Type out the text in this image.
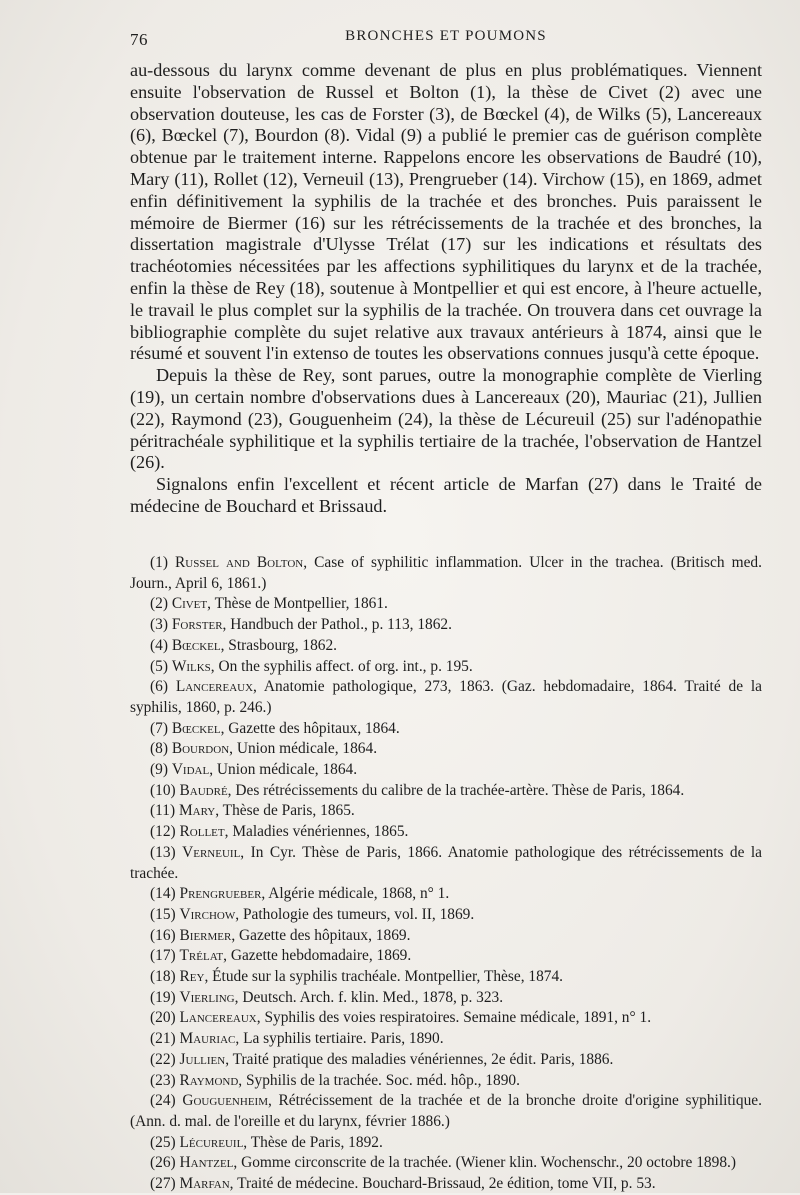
76	BRONCHES ET POUMONS

au-dessous du larynx comme devenant de plus en plus problématiques. Viennent ensuite l'observation de Russel et Bolton (1), la thèse de Civet (2) avec une observation douteuse, les cas de Forster (3), de Bœckel (4), de Wilks (5), Lancereaux (6), Bœckel (7), Bourdon (8). Vidal (9) a publié le premier cas de guérison complète obtenue par le traitement interne. Rappelons encore les observations de Baudré (10), Mary (11), Rollet (12), Verneuil (13), Prengrueber (14). Virchow (15), en 1869, admet enfin définitivement la syphilis de la trachée et des bronches. Puis paraissent le mémoire de Biermer (16) sur les rétrécissements de la trachée et des bronches, la dissertation magistrale d'Ulysse Trélat (17) sur les indications et résultats des trachéotomies nécessitées par les affections syphilitiques du larynx et de la trachée, enfin la thèse de Rey (18), soutenue à Montpellier et qui est encore, à l'heure actuelle, le travail le plus complet sur la syphilis de la trachée. On trouvera dans cet ouvrage la bibliographie complète du sujet relative aux travaux antérieurs à 1874, ainsi que le résumé et souvent l'in extenso de toutes les observations connues jusqu'à cette époque.

Depuis la thèse de Rey, sont parues, outre la monographie complète de Vierling (19), un certain nombre d'observations dues à Lancereaux (20), Mauriac (21), Jullien (22), Raymond (23), Gouguenheim (24), la thèse de Lécureuil (25) sur l'adénopathie péritrachéale syphilitique et la syphilis tertiaire de la trachée, l'observation de Hantzel (26).

Signalons enfin l'excellent et récent article de Marfan (27) dans le Traité de médecine de Bouchard et Brissaud.

(1) Russel and Bolton, Case of syphilitic inflammation. Ulcer in the trachea. (Britisch med. Journ., April 6, 1861.)

(2) Civet, Thèse de Montpellier, 1861.

(3) Forster, Handbuch der Pathol., p. 113, 1862.

(4) Bœckel, Strasbourg, 1862.

(5) Wilks, On the syphilis affect. of org. int., p. 195.

(6) Lancereaux, Anatomie pathologique, 273, 1863. (Gaz. hebdomadaire, 1864. Traité de la syphilis, 1860, p. 246.)

(7) Bœckel, Gazette des hôpitaux, 1864.

(8) Bourdon, Union médicale, 1864.

(9) Vidal, Union médicale, 1864.

(10) Baudré, Des rétrécissements du calibre de la trachée-artère. Thèse de Paris, 1864.

(11) Mary, Thèse de Paris, 1865.

(12) Rollet, Maladies vénériennes, 1865.

(13) Verneuil, In Cyr. Thèse de Paris, 1866. Anatomie pathologique des rétrécissements de la trachée.

(14) Prengrueber, Algérie médicale, 1868, n° 1.

(15) Virchow, Pathologie des tumeurs, vol. II, 1869.

(16) Biermer, Gazette des hôpitaux, 1869.

(17) Trélat, Gazette hebdomadaire, 1869.

(18) Rey, Étude sur la syphilis trachéale. Montpellier, Thèse, 1874.

(19) Vierling, Deutsch. Arch. f. klin. Med., 1878, p. 323.

(20) Lancereaux, Syphilis des voies respiratoires. Semaine médicale, 1891, n° 1.

(21) Mauriac, La syphilis tertiaire. Paris, 1890.

(22) Jullien, Traité pratique des maladies vénériennes, 2e édit. Paris, 1886.

(23) Raymond, Syphilis de la trachée. Soc. méd. hôp., 1890.

(24) Gouguenheim, Rétrécissement de la trachée et de la bronche droite d'origine syphilitique. (Ann. d. mal. de l'oreille et du larynx, février 1886.)

(25) Lécureuil, Thèse de Paris, 1892.

(26) Hantzel, Gomme circonscrite de la trachée. (Wiener klin. Wochenschr., 20 octobre 1898.)

(27) Marfan, Traité de médecine. Bouchard-Brissaud, 2e édition, tome VII, p. 53.
